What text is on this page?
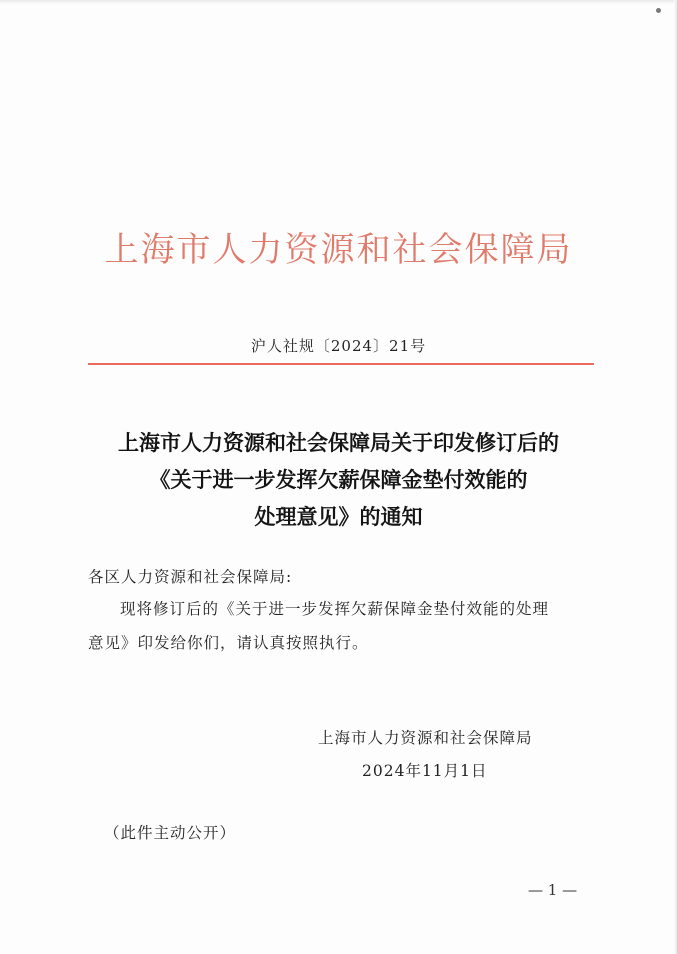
上海市人力资源和社会保障局
沪人社规〔2024〕21号
上海市人力资源和社会保障局关于印发修订后的
《关于进一步发挥欠薪保障金垫付效能的
处理意见》的通知
各区人力资源和社会保障局:
现将修订后的《关于进一步发挥欠薪保障金垫付效能的处理
意见》印发给你们，请认真按照执行。
上海市人力资源和社会保障局
2024年11月1日
（此件主动公开）
— 1 —
